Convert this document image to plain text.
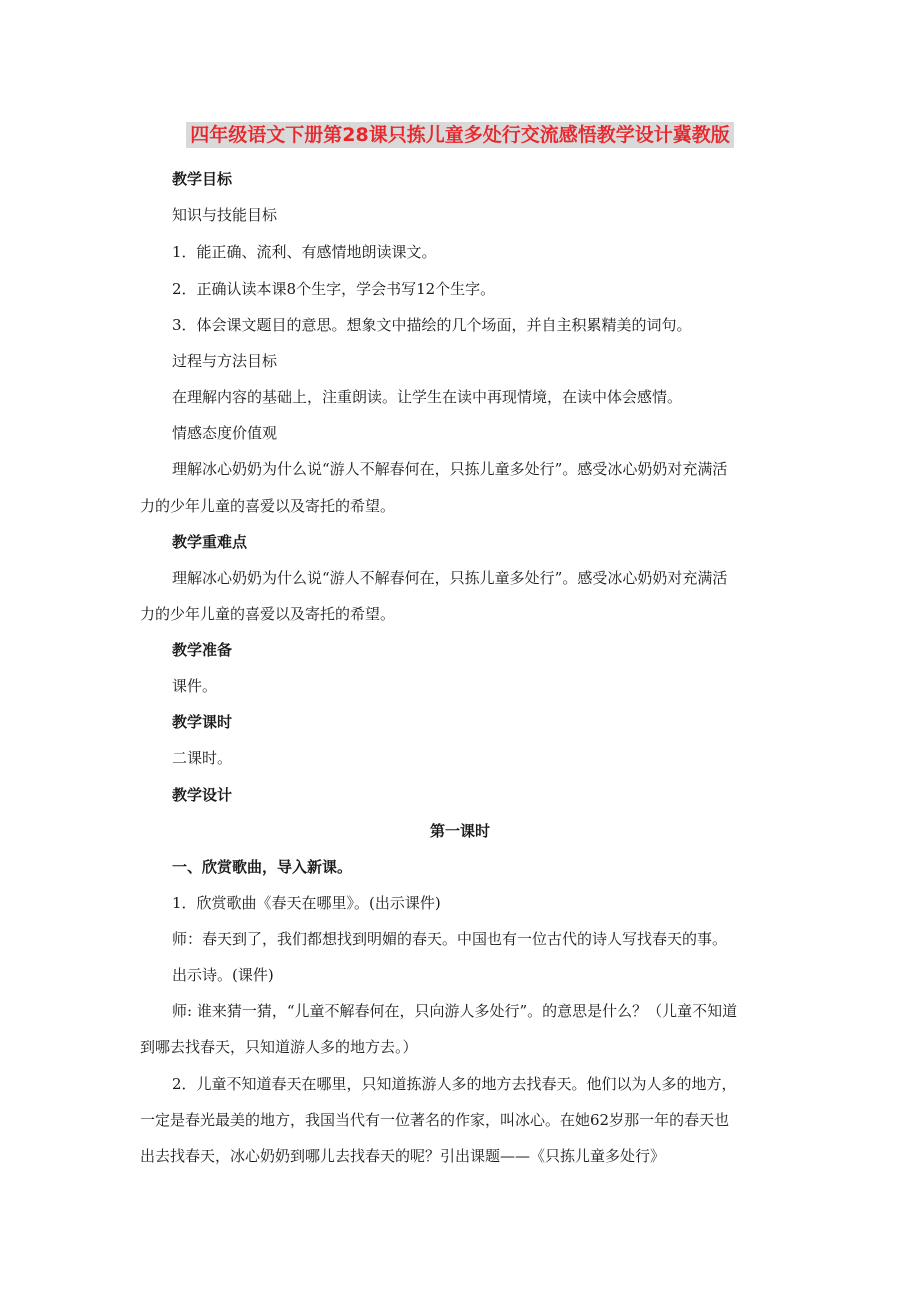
四年级语文下册第28课只拣儿童多处行交流感悟教学设计冀教版
教学目标
知识与技能目标
1．能正确、流利、有感情地朗读课文。
2．正确认读本课8个生字，学会书写12个生字。
3．体会课文题目的意思。想象文中描绘的几个场面，并自主积累精美的词句。
过程与方法目标
在理解内容的基础上，注重朗读。让学生在读中再现情境，在读中体会感情。
情感态度价值观
理解冰心奶奶为什么说“游人不解春何在，只拣儿童多处行”。感受冰心奶奶对充满活
力的少年儿童的喜爱以及寄托的希望。
教学重难点
理解冰心奶奶为什么说“游人不解春何在，只拣儿童多处行”。感受冰心奶奶对充满活
力的少年儿童的喜爱以及寄托的希望。
教学准备
课件。
教学课时
二课时。
教学设计
第一课时
一、欣赏歌曲，导入新课。
1．欣赏歌曲《春天在哪里》。(出示课件)
师：春天到了，我们都想找到明媚的春天。中国也有一位古代的诗人写找春天的事。
出示诗。(课件)
师: 谁来猜一猜，“儿童不解春何在，只向游人多处行”。的意思是什么？（儿童不知道
到哪去找春天，只知道游人多的地方去。）
2．儿童不知道春天在哪里，只知道拣游人多的地方去找春天。他们以为人多的地方，
一定是春光最美的地方，我国当代有一位著名的作家，叫冰心。在她62岁那一年的春天也
出去找春天，冰心奶奶到哪儿去找春天的呢？引出课题——《只拣儿童多处行》
